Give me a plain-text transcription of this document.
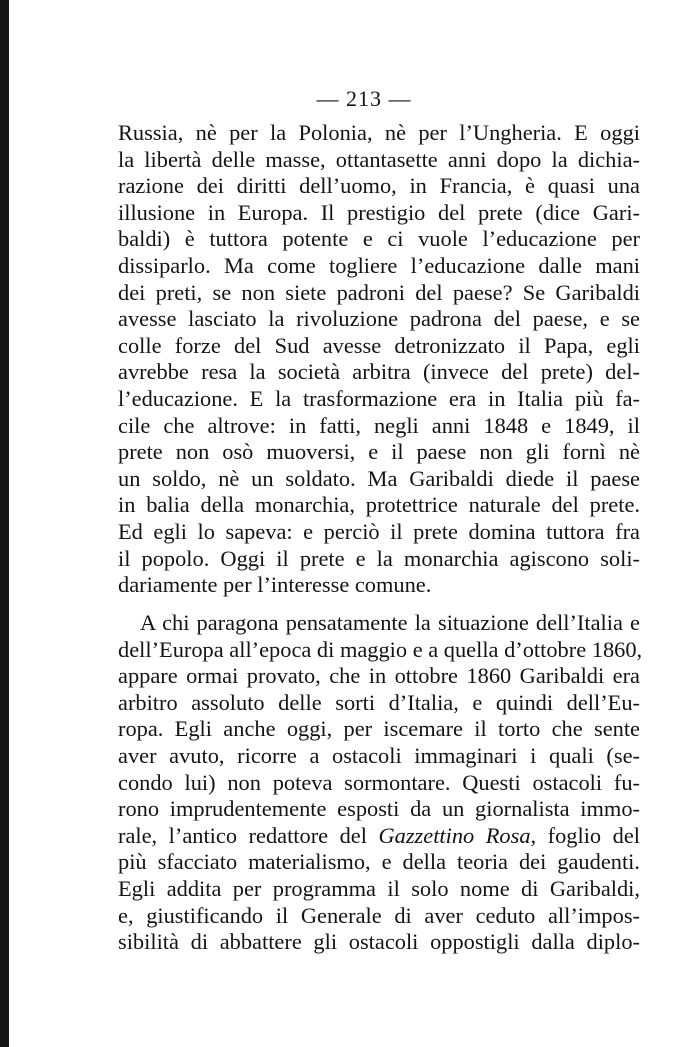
— 213 —
Russia, nè per la Polonia, nè per l’Ungheria. E oggi
la libertà delle masse, ottantasette anni dopo la dichia-
razione dei diritti dell’uomo, in Francia, è quasi una
illusione in Europa. Il prestigio del prete (dice Gari-
baldi) è tuttora potente e ci vuole l’educazione per
dissiparlo. Ma come togliere l’educazione dalle mani
dei preti, se non siete padroni del paese? Se Garibaldi
avesse lasciato la rivoluzione padrona del paese, e se
colle forze del Sud avesse detronizzato il Papa, egli
avrebbe resa la società arbitra (invece del prete) del-
l’educazione. E la trasformazione era in Italia più fa-
cile che altrove: in fatti, negli anni 1848 e 1849, il
prete non osò muoversi, e il paese non gli fornì nè
un soldo, nè un soldato. Ma Garibaldi diede il paese
in balia della monarchia, protettrice naturale del prete.
Ed egli lo sapeva: e perciò il prete domina tuttora fra
il popolo. Oggi il prete e la monarchia agiscono soli-
dariamente per l’interesse comune.
A chi paragona pensatamente la situazione dell’Italia e
dell’Europa all’epoca di maggio e a quella d’ottobre 1860,
appare ormai provato, che in ottobre 1860 Garibaldi era
arbitro assoluto delle sorti d’Italia, e quindi dell’Eu-
ropa. Egli anche oggi, per iscemare il torto che sente
aver avuto, ricorre a ostacoli immaginari i quali (se-
condo lui) non poteva sormontare. Questi ostacoli fu-
rono imprudentemente esposti da un giornalista immo-
rale, l’antico redattore del Gazzettino Rosa, foglio del
più sfacciato materialismo, e della teoria dei gaudenti.
Egli addita per programma il solo nome di Garibaldi,
e, giustificando il Generale di aver ceduto all’impos-
sibilità di abbattere gli ostacoli oppostigli dalla diplo-
